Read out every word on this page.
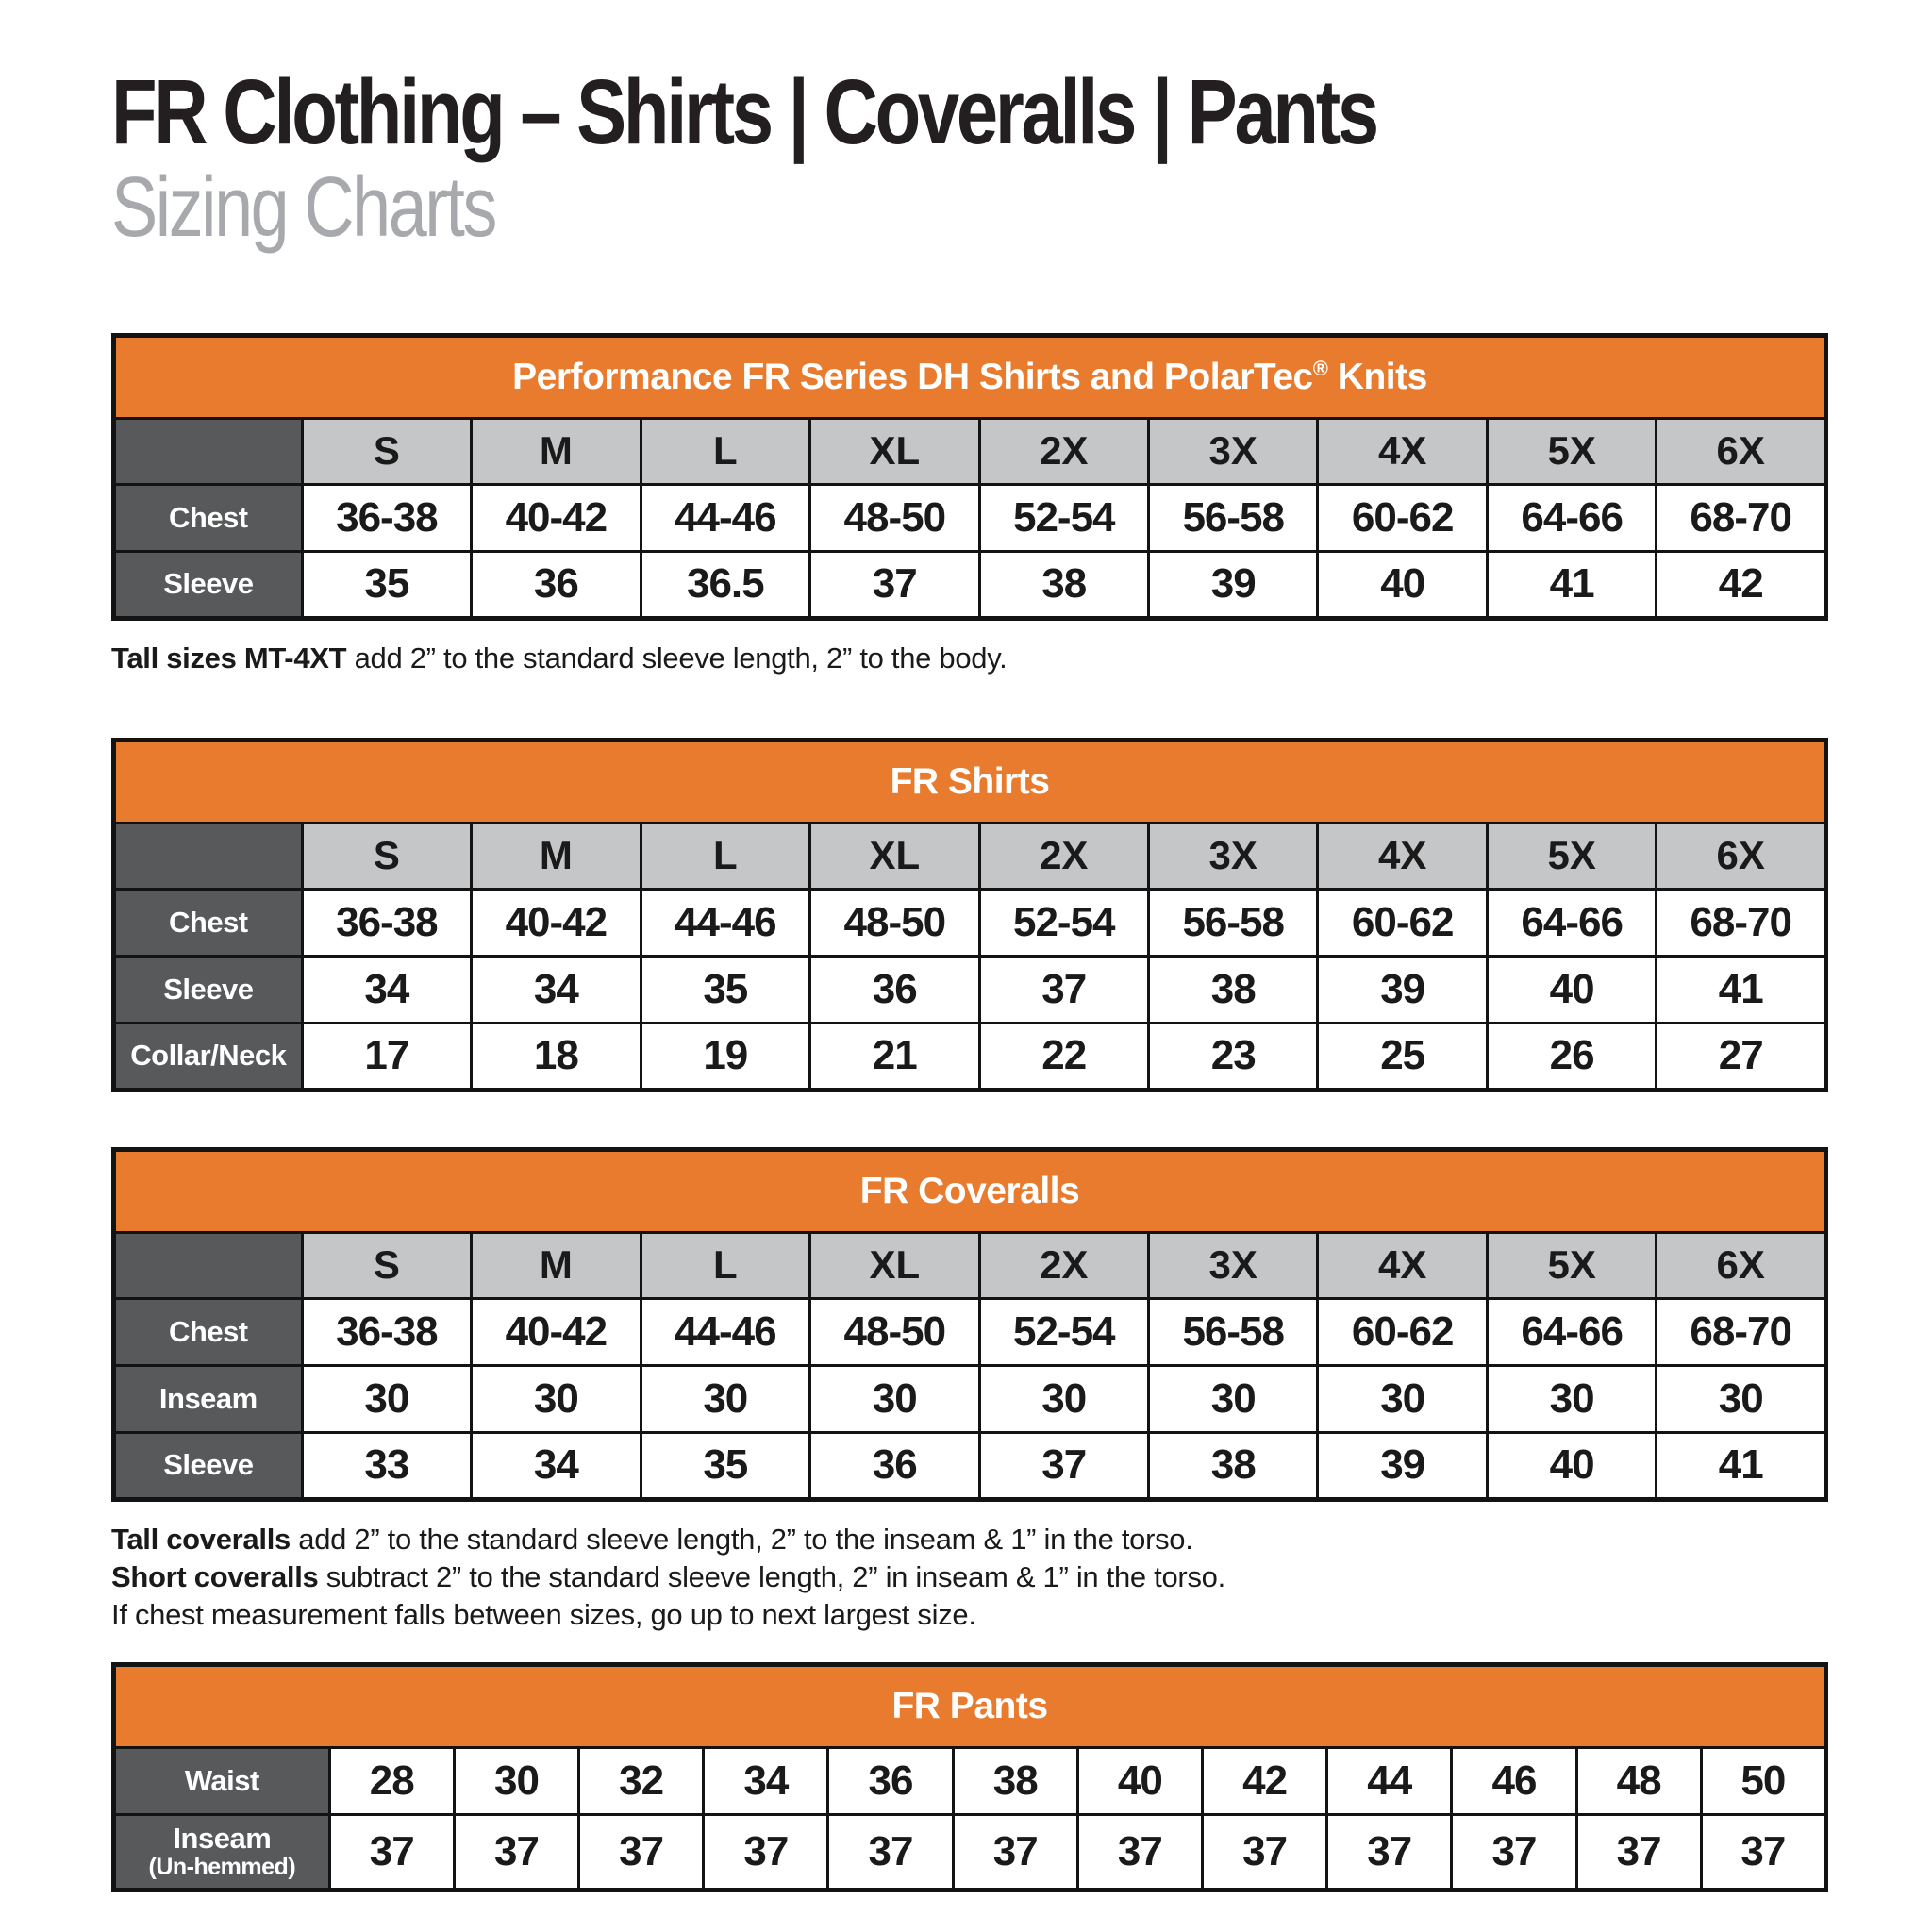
FR Clothing – Shirts | Coveralls | Pants
Sizing Charts
Performance FR Series DH Shirts and PolarTec® Knits									
	S	M	L	XL	2X	3X	4X	5X	6X
Chest	36-38	40-42	44-46	48-50	52-54	56-58	60-62	64-66	68-70
Sleeve	35	36	36.5	37	38	39	40	41	42
Tall sizes MT-4XT add 2” to the standard sleeve length, 2” to the body.
FR Shirts									
	S	M	L	XL	2X	3X	4X	5X	6X
Chest	36-38	40-42	44-46	48-50	52-54	56-58	60-62	64-66	68-70
Sleeve	34	34	35	36	37	38	39	40	41
Collar/Neck	17	18	19	21	22	23	25	26	27
FR Coveralls									
	S	M	L	XL	2X	3X	4X	5X	6X
Chest	36-38	40-42	44-46	48-50	52-54	56-58	60-62	64-66	68-70
Inseam	30	30	30	30	30	30	30	30	30
Sleeve	33	34	35	36	37	38	39	40	41
Tall coveralls add 2” to the standard sleeve length, 2” to the inseam & 1” in the torso.
Short coveralls subtract 2” to the standard sleeve length, 2” in inseam & 1” in the torso.
If chest measurement falls between sizes, go up to next largest size.
FR Pants												
Waist	28	30	32	34	36	38	40	42	44	46	48	50
Inseam
(Un-hemmed)	37	37	37	37	37	37	37	37	37	37	37	37
